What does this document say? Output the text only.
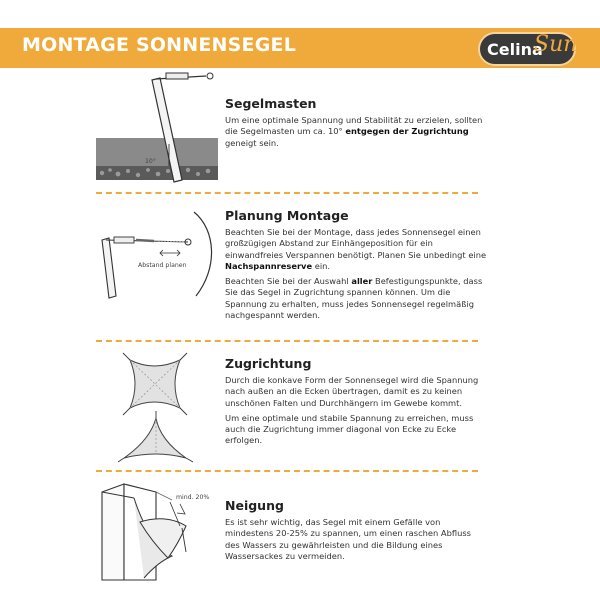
MONTAGE SONNENSEGEL	Celina
Sun
10°
Segelmasten
Um eine optimale Spannung und Stabilität zu erzielen, sollten die Segelmasten um ca. 10° entgegen der Zugrichtung geneigt sein.
Abstand planen
Planung Montage
Beachten Sie bei der Montage, dass jedes Sonnensegel einen großzügigen Abstand zur Einhängeposition für ein einwandfreies Verspannen benötigt. Planen Sie unbedingt eine Nachspannreserve ein.
Beachten Sie bei der Auswahl aller Befestigungspunkte, dass Sie das Segel in Zugrichtung spannen können. Um die Spannung zu erhalten, muss jedes Sonnensegel regelmäßig nachgespannt werden.
Zugrichtung
Durch die konkave Form der Sonnensegel wird die Spannung nach außen an die Ecken übertragen, damit es zu keinen unschönen Falten und Durchhängern im Gewebe kommt.
Um eine optimale und stabile Spannung zu erreichen, muss auch die Zugrichtung immer diagonal von Ecke zu Ecke erfolgen.
mind. 20%
Neigung
Es ist sehr wichtig, das Segel mit einem Gefälle von mindestens 20-25% zu spannen, um einen raschen Abfluss des Wassers zu gewährleisten und die Bildung eines Wassersackes zu vermeiden.
